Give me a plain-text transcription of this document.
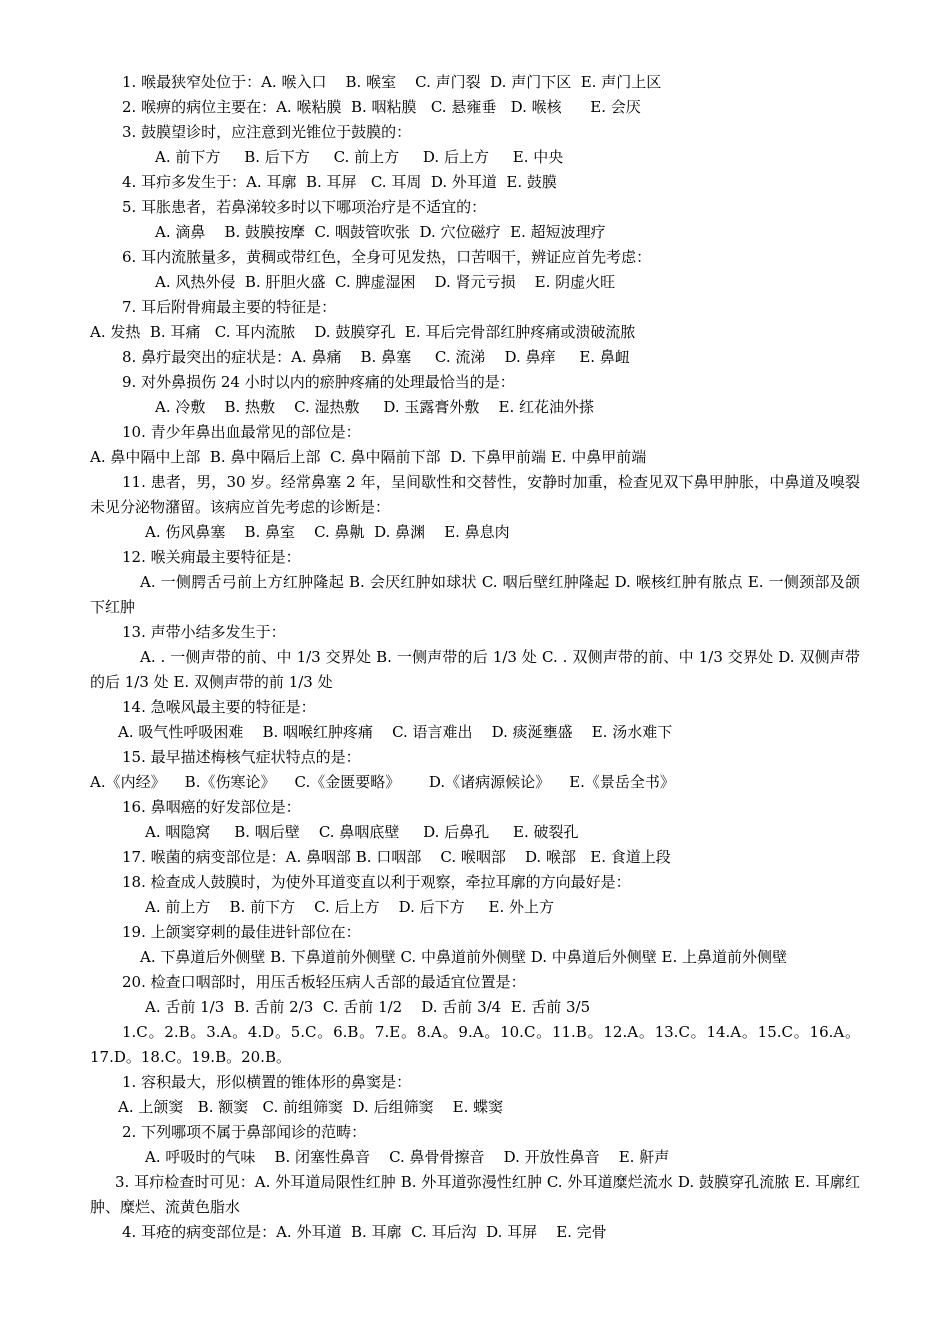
1. 喉最狭窄处位于：A. 喉入口    B. 喉室    C. 声门裂  D. 声门下区  E. 声门上区
2. 喉痹的病位主要在：A. 喉粘膜  B. 咽粘膜   C. 悬雍垂   D. 喉核      E. 会厌
3. 鼓膜望诊时，应注意到光锥位于鼓膜的：
A. 前下方     B. 后下方     C. 前上方     D. 后上方     E. 中央
4. 耳疖多发生于：A. 耳廓  B. 耳屏   C. 耳周  D. 外耳道  E. 鼓膜
5. 耳胀患者，若鼻涕较多时以下哪项治疗是不适宜的：
A. 滴鼻    B. 鼓膜按摩  C. 咽鼓管吹张  D. 穴位磁疗  E. 超短波理疗
6. 耳内流脓量多，黄稠或带红色，全身可见发热，口苦咽干，辨证应首先考虑：
A. 风热外侵  B. 肝胆火盛  C. 脾虚湿困    D. 肾元亏损    E. 阴虚火旺
7. 耳后附骨痈最主要的特征是：
A. 发热  B. 耳痛   C. 耳内流脓    D. 鼓膜穿孔  E. 耳后完骨部红肿疼痛或溃破流脓
8. 鼻疔最突出的症状是：A. 鼻痛    B. 鼻塞     C. 流涕    D. 鼻痒     E. 鼻衄
9. 对外鼻损伤 24 小时以内的瘀肿疼痛的处理最恰当的是：
A. 冷敷    B. 热敷    C. 湿热敷     D. 玉露膏外敷    E. 红花油外搽
10. 青少年鼻出血最常见的部位是：
A. 鼻中隔中上部  B. 鼻中隔后上部  C. 鼻中隔前下部  D. 下鼻甲前端 E. 中鼻甲前端
11. 患者，男，30 岁。经常鼻塞 2 年，呈间歇性和交替性，安静时加重，检查见双下鼻甲肿胀，中鼻道及嗅裂未见分泌物潴留。该病应首先考虑的诊断是：
A. 伤风鼻塞    B. 鼻室    C. 鼻鼽  D. 鼻渊    E. 鼻息肉
12. 喉关痈最主要特征是：
A. 一侧腭舌弓前上方红肿隆起 B. 会厌红肿如球状 C. 咽后壁红肿隆起 D. 喉核红肿有脓点 E. 一侧颈部及颌下红肿
13. 声带小结多发生于：
A. . 一侧声带的前、中 1/3 交界处 B. 一侧声带的后 1/3 处 C. . 双侧声带的前、中 1/3 交界处 D. 双侧声带的后 1/3 处 E. 双侧声带的前 1/3 处
14. 急喉风最主要的特征是：
A. 吸气性呼吸困难    B. 咽喉红肿疼痛    C. 语言难出    D. 痰涎壅盛    E. 汤水难下
15. 最早描述梅核气症状特点的是：
A.《内经》    B.《伤寒论》    C.《金匮要略》      D.《诸病源候论》    E.《景岳全书》
16. 鼻咽癌的好发部位是：
A. 咽隐窝     B. 咽后壁    C. 鼻咽底壁     D. 后鼻孔     E. 破裂孔
17. 喉菌的病变部位是：A. 鼻咽部 B. 口咽部    C. 喉咽部    D. 喉部   E. 食道上段
18. 检查成人鼓膜时，为使外耳道变直以利于观察，牵拉耳廓的方向最好是：
A. 前上方    B. 前下方    C. 后上方    D. 后下方     E. 外上方
19. 上颌窦穿刺的最佳进针部位在：
A. 下鼻道后外侧壁 B. 下鼻道前外侧壁 C. 中鼻道前外侧壁 D. 中鼻道后外侧壁 E. 上鼻道前外侧壁
20. 检查口咽部时，用压舌板轻压病人舌部的最适宜位置是：
A. 舌前 1/3  B. 舌前 2/3  C. 舌前 1/2    D. 舌前 3/4  E. 舌前 3/5
1.C。2.B。3.A。4.D。5.C。6.B。7.E。8.A。9.A。10.C。11.B。12.A。13.C。14.A。15.C。16.A。17.D。18.C。19.B。20.B。
1. 容积最大，形似横置的锥体形的鼻窦是：
A. 上颌窦   B. 额窦   C. 前组筛窦  D. 后组筛窦    E. 蝶窦
2. 下列哪项不属于鼻部闻诊的范畴：
A. 呼吸时的气味    B. 闭塞性鼻音    C. 鼻骨骨擦音    D. 开放性鼻音    E. 鼾声
3. 耳疖检查时可见：A. 外耳道局限性红肿 B. 外耳道弥漫性红肿 C. 外耳道糜烂流水 D. 鼓膜穿孔流脓 E. 耳廓红肿、糜烂、流黄色脂水
4. 耳疮的病变部位是：A. 外耳道  B. 耳廓  C. 耳后沟  D. 耳屏    E. 完骨
